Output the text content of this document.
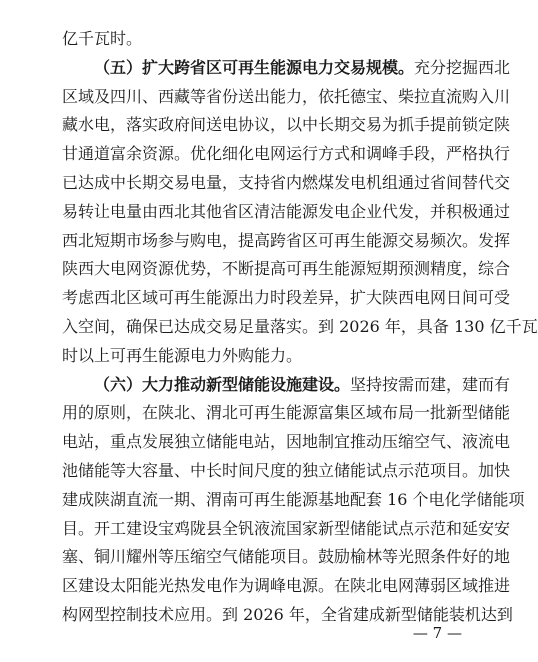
亿千瓦时。
（五）扩大跨省区可再生能源电力交易规模。充分挖掘西北
区域及四川、西藏等省份送出能力，依托德宝、柴拉直流购入川
藏水电，落实政府间送电协议，以中长期交易为抓手提前锁定陕
甘通道富余资源。优化细化电网运行方式和调峰手段，严格执行
已达成中长期交易电量，支持省内燃煤发电机组通过省间替代交
易转让电量由西北其他省区清洁能源发电企业代发，并积极通过
西北短期市场参与购电，提高跨省区可再生能源交易频次。发挥
陕西大电网资源优势，不断提高可再生能源短期预测精度，综合
考虑西北区域可再生能源出力时段差异，扩大陕西电网日间可受
入空间，确保已达成交易足量落实。到 2026 年，具备 130 亿千瓦
时以上可再生能源电力外购能力。
（六）大力推动新型储能设施建设。坚持按需而建，建而有
用的原则，在陕北、渭北可再生能源富集区域布局一批新型储能
电站，重点发展独立储能电站，因地制宜推动压缩空气、液流电
池储能等大容量、中长时间尺度的独立储能试点示范项目。加快
建成陕湖直流一期、渭南可再生能源基地配套 16 个电化学储能项
目。开工建设宝鸡陇县全钒液流国家新型储能试点示范和延安安
塞、铜川耀州等压缩空气储能项目。鼓励榆林等光照条件好的地
区建设太阳能光热发电作为调峰电源。在陕北电网薄弱区域推进
构网型控制技术应用。到 2026 年，全省建成新型储能装机达到
— 7 —
